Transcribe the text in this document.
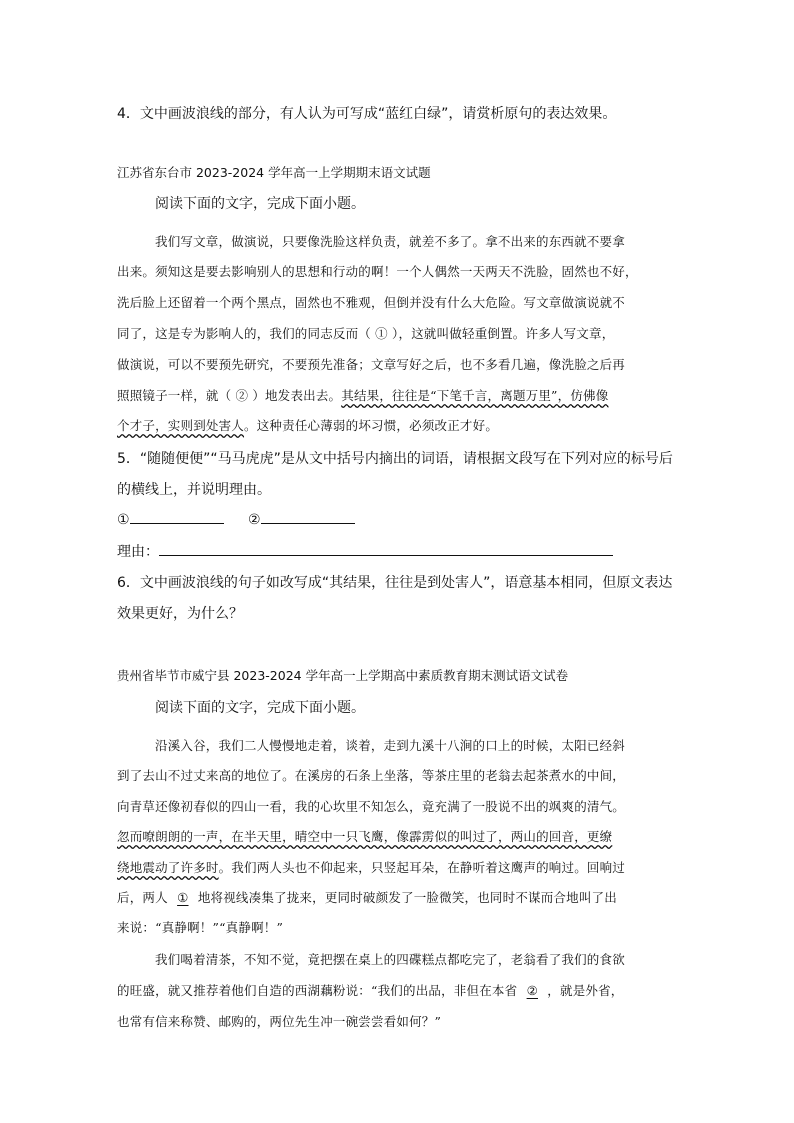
4．文中画波浪线的部分，有人认为可写成“蓝红白绿”，请赏析原句的表达效果。
江苏省东台市 2023-2024 学年高一上学期期末语文试题
阅读下面的文字，完成下面小题。
我们写文章，做演说，只要像洗脸这样负责，就差不多了。拿不出来的东西就不要拿
出来。须知这是要去影响别人的思想和行动的啊！一个人偶然一天两天不洗脸，固然也不好，
洗后脸上还留着一个两个黑点，固然也不雅观，但倒并没有什么大危险。写文章做演说就不
同了，这是专为影响人的，我们的同志反而（ ① ），这就叫做轻重倒置。许多人写文章，
做演说，可以不要预先研究，不要预先准备；文章写好之后，也不多看几遍，像洗脸之后再
照照镜子一样，就（ ② ）地发表出去。其结果，往往是“下笔千言，离题万里”，仿佛像
个才子，实则到处害人。这种责任心薄弱的坏习惯，必须改正才好。
5．“随随便便”“马马虎虎”是从文中括号内摘出的词语，请根据文段写在下列对应的标号后
的横线上，并说明理由。
①	②
理由：
6．文中画波浪线的句子如改写成“其结果，往往是到处害人”，语意基本相同，但原文表达
效果更好，为什么？
贵州省毕节市威宁县 2023-2024 学年高一上学期高中素质教育期末测试语文试卷
阅读下面的文字，完成下面小题。
沿溪入谷，我们二人慢慢地走着，谈着，走到九溪十八涧的口上的时候，太阳已经斜
到了去山不过丈来高的地位了。在溪房的石条上坐落，等茶庄里的老翁去起茶煮水的中间，
向青草还像初春似的四山一看，我的心坎里不知怎么，竟充满了一股说不出的飒爽的清气。
忽而嘹朗朗的一声，在半天里，晴空中一只飞鹰，像霹雳似的叫过了，两山的回音，更缭
绕地震动了许多时。我们两人头也不仰起来，只竖起耳朵，在静听着这鹰声的响过。回响过
后，两人 ① 地将视线凑集了拢来，更同时破颜发了一脸微笑，也同时不谋而合地叫了出
来说：“真静啊！”“真静啊！”
我们喝着清茶，不知不觉，竟把摆在桌上的四碟糕点都吃完了，老翁看了我们的食欲
的旺盛，就又推荐着他们自造的西湖藕粉说：“我们的出品，非但在本省 ② ，就是外省，
也常有信来称赞、邮购的，两位先生冲一碗尝尝看如何？”
